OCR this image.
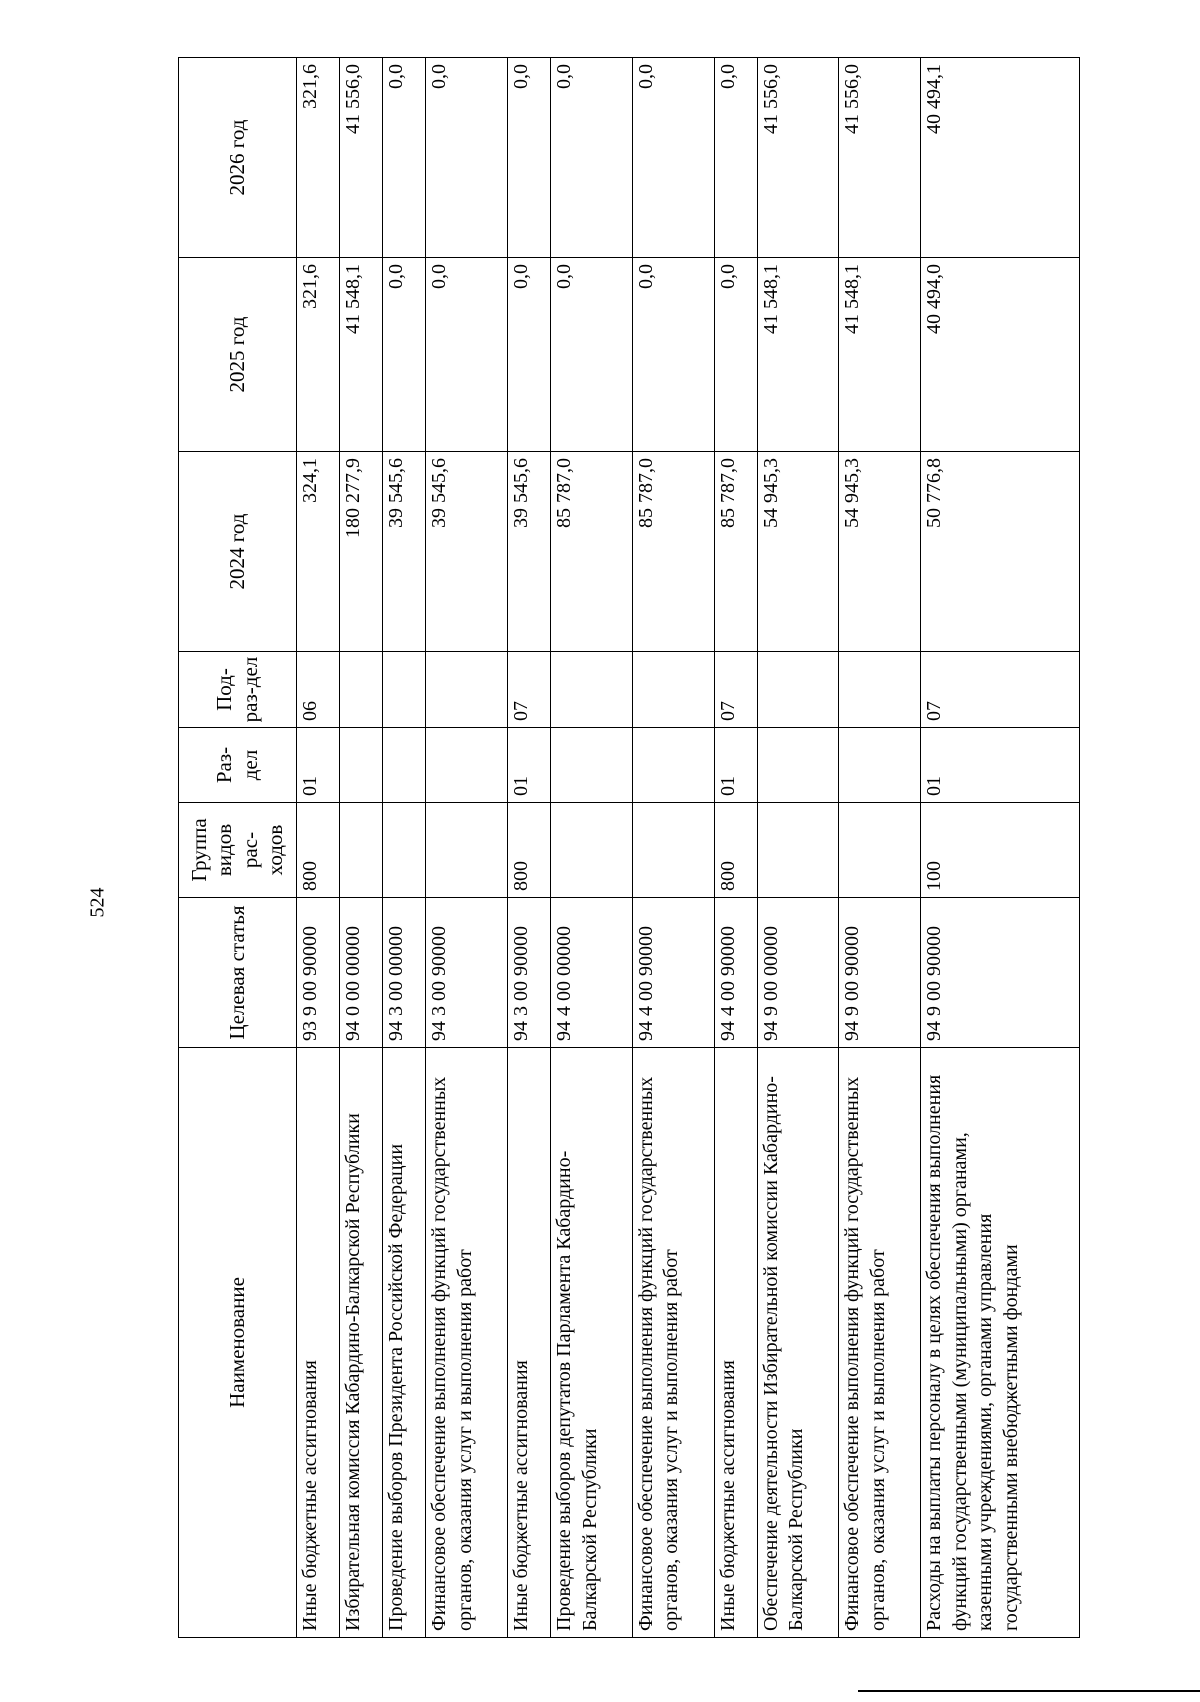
524
Наименование	Целевая статья	Группа видов рас-ходов	Раз-дел	Под-раз-дел	2024 год	2025 год	2026 год
Иные бюджетные ассигнования	93 9 00 90000	800	01	06	324,1	321,6	321,6
Избирательная комиссия Кабардино-Балкарской Республики	94 0 00 00000				180 277,9	41 548,1	41 556,0
Проведение выборов Президента Российской Федерации	94 3 00 00000				39 545,6	0,0	0,0
Финансовое обеспечение выполнения функций государственных органов, оказания услуг и выполнения работ	94 3 00 90000				39 545,6	0,0	0,0
Иные бюджетные ассигнования	94 3 00 90000	800	01	07	39 545,6	0,0	0,0
Проведение выборов депутатов Парламента Кабардино-Балкарской Республики	94 4 00 00000				85 787,0	0,0	0,0
Финансовое обеспечение выполнения функций государственных органов, оказания услуг и выполнения работ	94 4 00 90000				85 787,0	0,0	0,0
Иные бюджетные ассигнования	94 4 00 90000	800	01	07	85 787,0	0,0	0,0
Обеспечение деятельности Избирательной комиссии Кабардино-Балкарской Республики	94 9 00 00000				54 945,3	41 548,1	41 556,0
Финансовое обеспечение выполнения функций государственных органов, оказания услуг и выполнения работ	94 9 00 90000				54 945,3	41 548,1	41 556,0
Расходы на выплаты персоналу в целях обеспечения выполнения функций государственными (муниципальными) органами, казенными учреждениями, органами управления государственными внебюджетными фондами	94 9 00 90000	100	01	07	50 776,8	40 494,0	40 494,1
